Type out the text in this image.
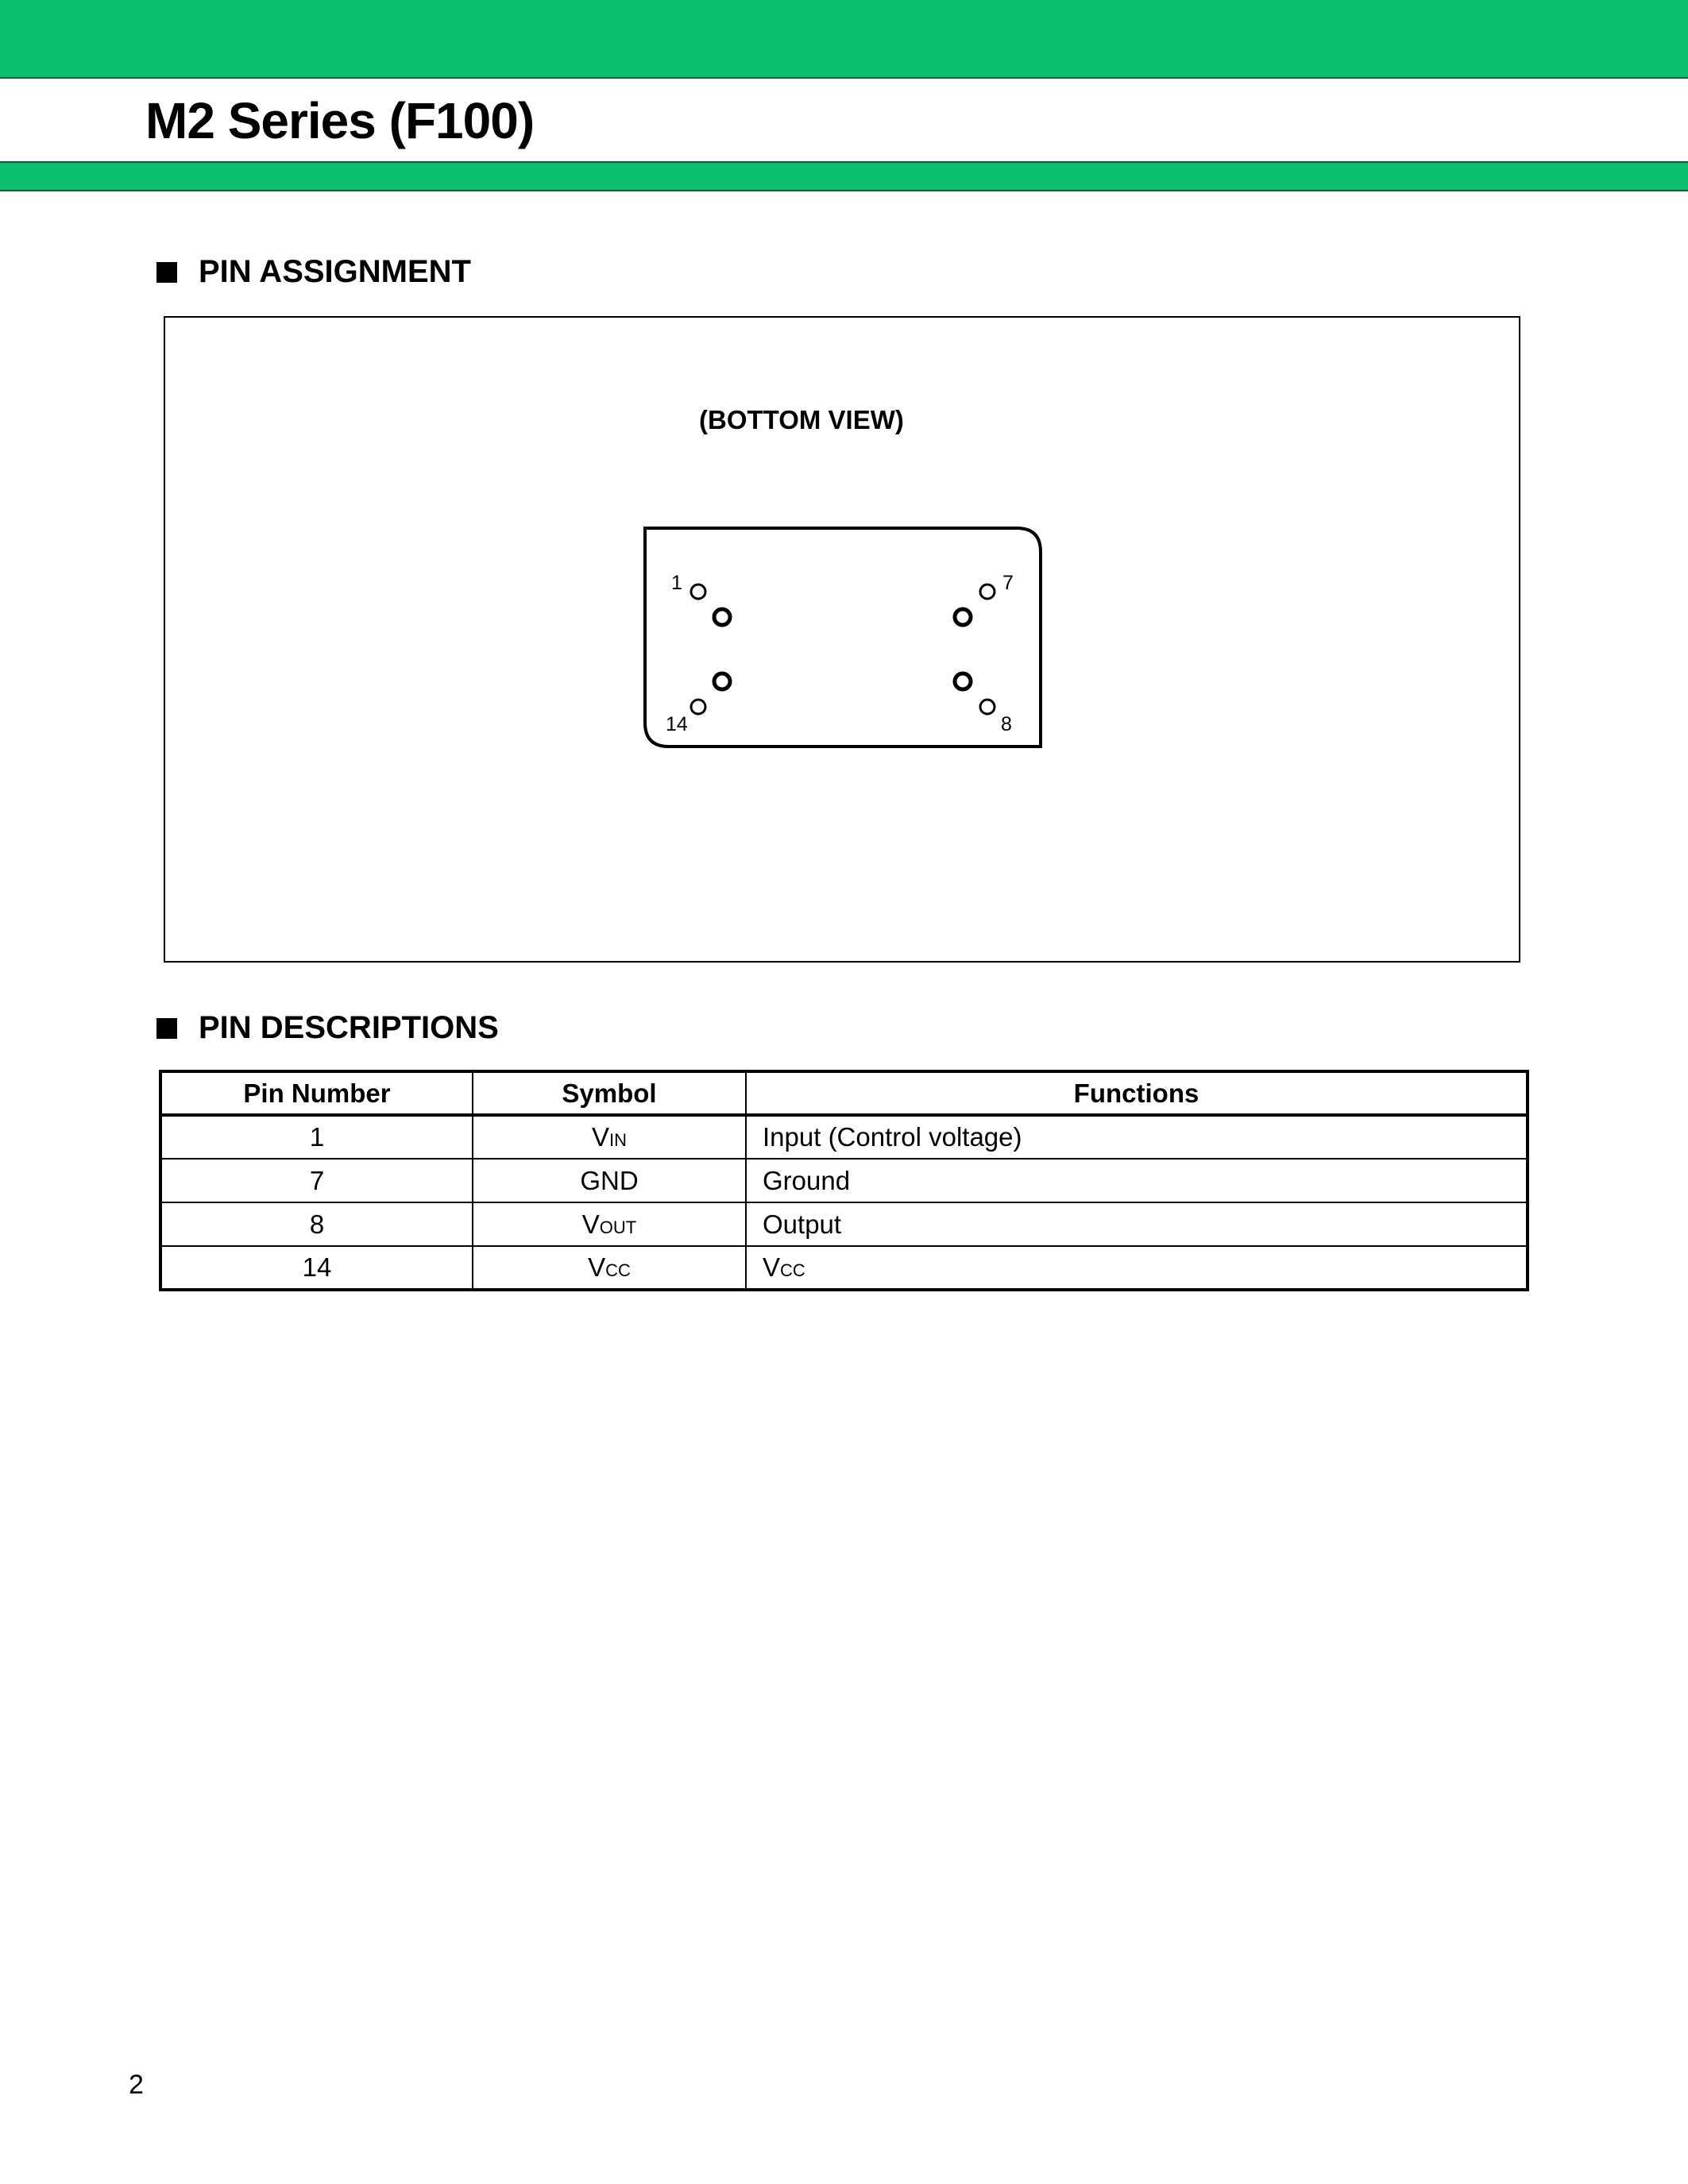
M2 Series (F100)
PIN ASSIGNMENT
(BOTTOM VIEW)
1	7
14	8
PIN DESCRIPTIONS
Pin Number	Symbol	Functions
1	VIN	Input (Control voltage)
7	GND	Ground
8	VOUT	Output
14	VCC	VCC
2
